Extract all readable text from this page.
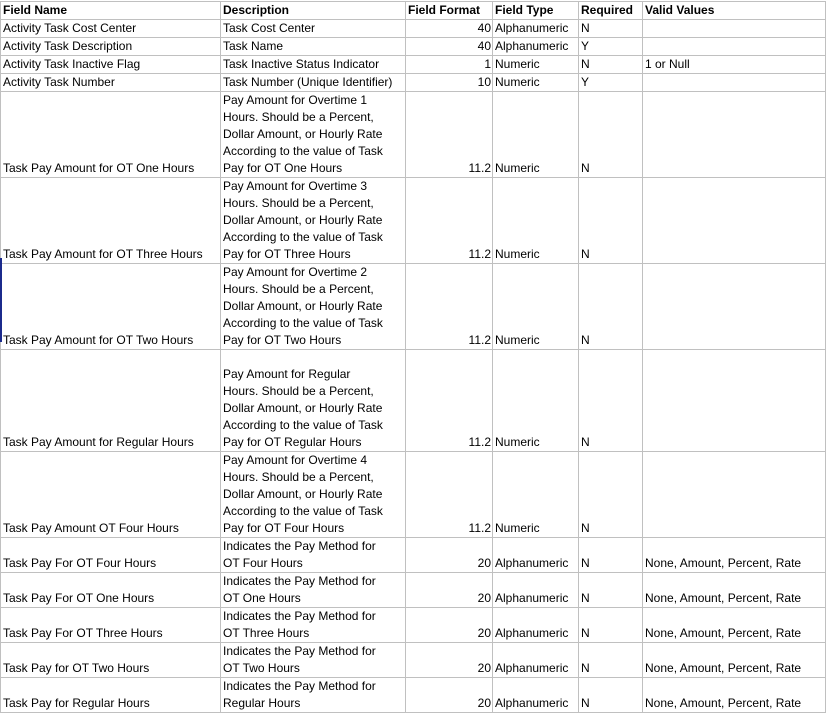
Field Name	Description	Field Format	Field Type	Required	Valid Values
Activity Task Cost Center	Task Cost Center	40	Alphanumeric	N	
Activity Task Description	Task Name	40	Alphanumeric	Y	
Activity Task Inactive Flag	Task Inactive Status Indicator	1	Numeric	N	1 or Null
Activity Task Number	Task Number (Unique Identifier)	10	Numeric	Y	
Task Pay Amount for OT One Hours	Pay Amount for Overtime 1
Hours. Should be a Percent,
Dollar Amount, or Hourly Rate
According to the value of Task
Pay for OT One Hours	11.2	Numeric	N	
Task Pay Amount for OT Three Hours	Pay Amount for Overtime 3
Hours. Should be a Percent,
Dollar Amount, or Hourly Rate
According to the value of Task
Pay for OT Three Hours	11.2	Numeric	N	
Task Pay Amount for OT Two Hours	Pay Amount for Overtime 2
Hours. Should be a Percent,
Dollar Amount, or Hourly Rate
According to the value of Task
Pay for OT Two Hours	11.2	Numeric	N	
Task Pay Amount for Regular Hours	Pay Amount for Regular
Hours. Should be a Percent,
Dollar Amount, or Hourly Rate
According to the value of Task
Pay for OT Regular Hours	11.2	Numeric	N	
Task Pay Amount OT Four Hours	Pay Amount for Overtime 4
Hours. Should be a Percent,
Dollar Amount, or Hourly Rate
According to the value of Task
Pay for OT Four Hours	11.2	Numeric	N	
Task Pay For OT Four Hours	Indicates the Pay Method for
OT Four Hours	20	Alphanumeric	N	None, Amount, Percent, Rate
Task Pay For OT One Hours	Indicates the Pay Method for
OT One Hours	20	Alphanumeric	N	None, Amount, Percent, Rate
Task Pay For OT Three Hours	Indicates the Pay Method for
OT Three Hours	20	Alphanumeric	N	None, Amount, Percent, Rate
Task Pay for OT Two Hours	Indicates the Pay Method for
OT Two Hours	20	Alphanumeric	N	None, Amount, Percent, Rate
Task Pay for Regular Hours	Indicates the Pay Method for
Regular Hours	20	Alphanumeric	N	None, Amount, Percent, Rate
